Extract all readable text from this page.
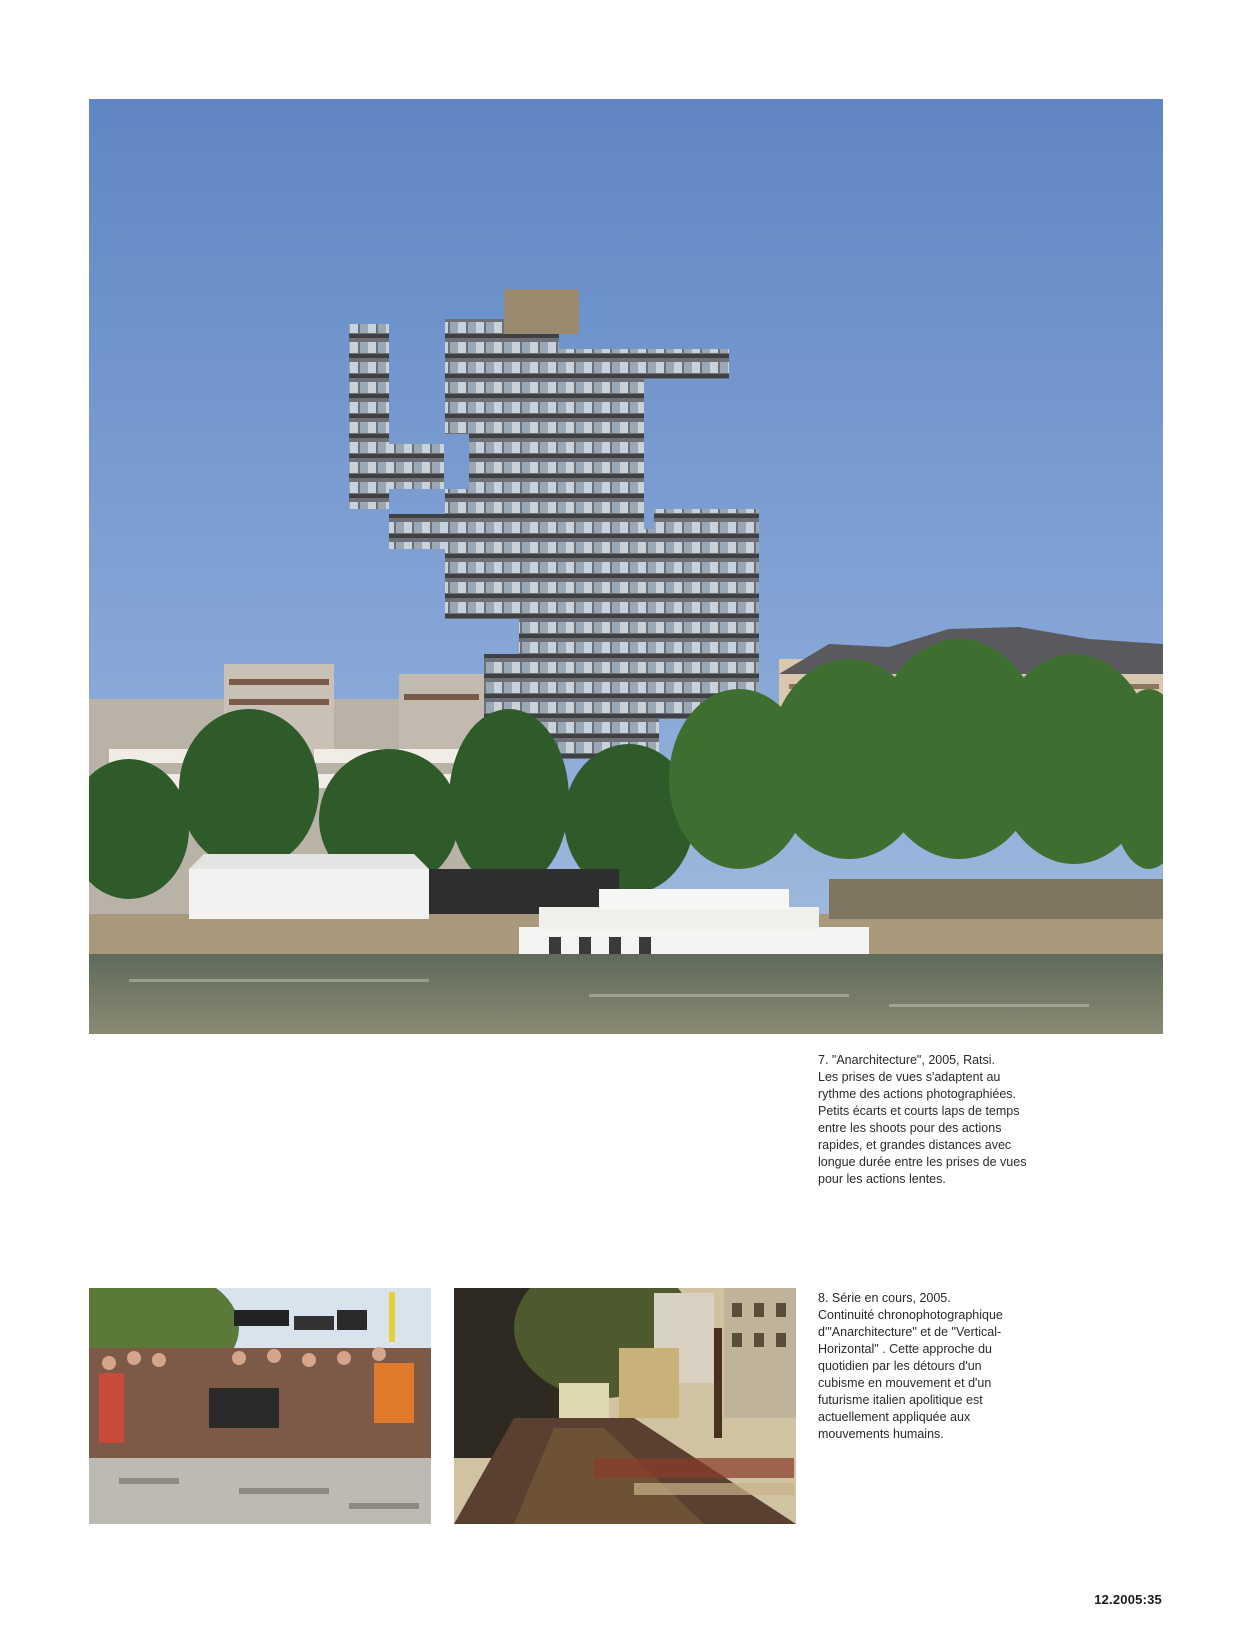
7. "Anarchitecture", 2005, Ratsi.
Les prises de vues s'adaptent au
rythme des actions photographiées.
Petits écarts et courts laps de temps
entre les shoots pour des actions
rapides, et grandes distances avec
longue durée entre les prises de vues
pour les actions lentes.
8. Série en cours, 2005.
Continuité chronophotographique
d'"Anarchitecture" et de "Vertical-
Horizontal" . Cette approche du
quotidien par les détours d'un
cubisme en mouvement et d'un
futurisme italien apolitique est
actuellement appliquée aux
mouvements humains.
12.2005:35
